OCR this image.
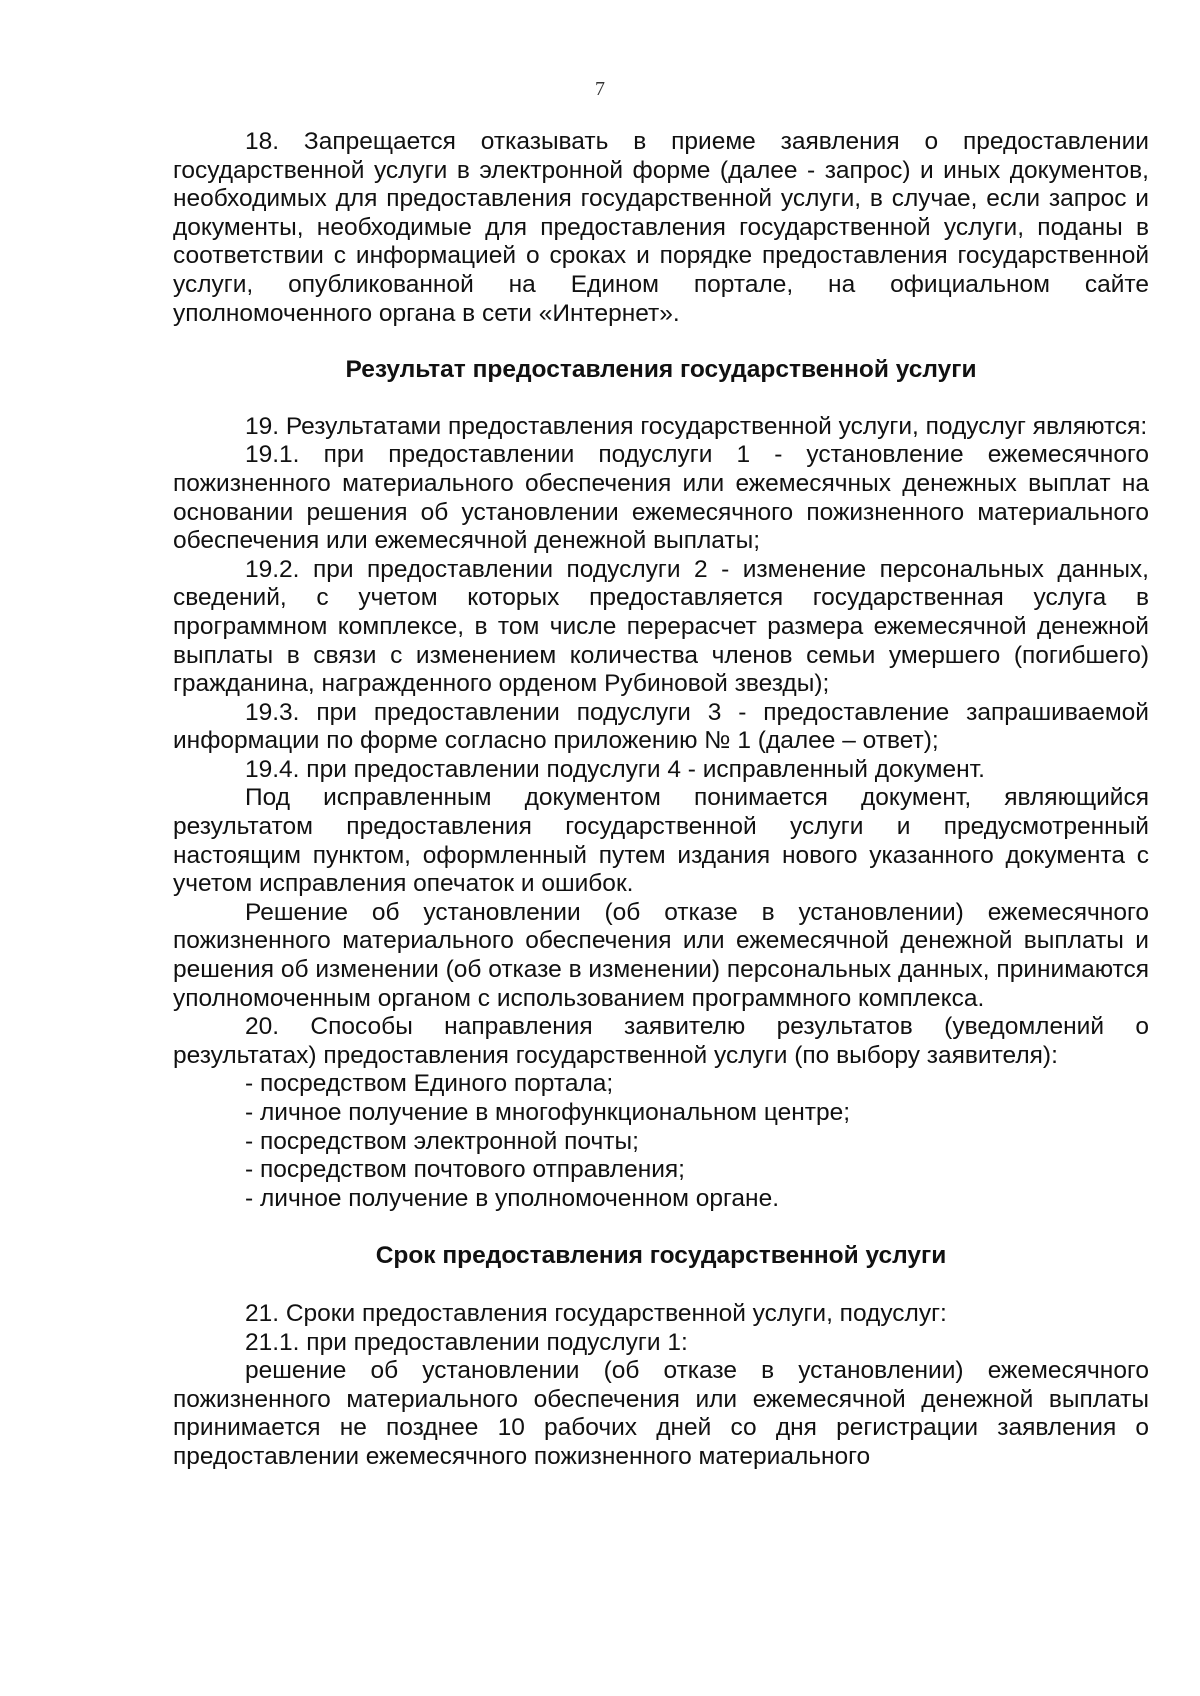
7

18. Запрещается отказывать в приеме заявления о предоставлении государственной услуги в электронной форме (далее - запрос) и иных документов, необходимых для предоставления государственной услуги, в случае, если запрос и документы, необходимые для предоставления государственной услуги, поданы в соответствии с информацией о сроках и порядке предоставления государственной услуги, опубликованной на Едином портале, на официальном сайте уполномоченного органа в сети «Интернет».

Результат предоставления государственной услуги

19. Результатами предоставления государственной услуги, подуслуг являются:

19.1. при предоставлении подуслуги 1 - установление ежемесячного пожизненного материального обеспечения или ежемесячных денежных выплат на основании решения об установлении ежемесячного пожизненного материального обеспечения или ежемесячной денежной выплаты;

19.2. при предоставлении подуслуги 2 - изменение персональных данных, сведений, с учетом которых предоставляется государственная услуга в программном комплексе, в том числе перерасчет размера ежемесячной денежной выплаты в связи с изменением количества членов семьи умершего (погибшего) гражданина, награжденного орденом Рубиновой звезды);

19.3. при предоставлении подуслуги 3 - предоставление запрашиваемой информации по форме согласно приложению № 1 (далее – ответ);

19.4. при предоставлении подуслуги 4 - исправленный документ.

Под исправленным документом понимается документ, являющийся результатом предоставления государственной услуги и предусмотренный настоящим пунктом, оформленный путем издания нового указанного документа с учетом исправления опечаток и ошибок.

Решение об установлении (об отказе в установлении) ежемесячного пожизненного материального обеспечения или ежемесячной денежной выплаты и решения об изменении (об отказе в изменении) персональных данных, принимаются уполномоченным органом с использованием программного комплекса.

20. Способы направления заявителю результатов (уведомлений о результатах) предоставления государственной услуги (по выбору заявителя):

- посредством Единого портала;

- личное получение в многофункциональном центре;

- посредством электронной почты;

- посредством почтового отправления;

- личное получение в уполномоченном органе.

Срок предоставления государственной услуги

21. Сроки предоставления государственной услуги, подуслуг:

21.1. при предоставлении подуслуги 1:

решение об установлении (об отказе в установлении) ежемесячного пожизненного материального обеспечения или ежемесячной денежной выплаты принимается не позднее 10 рабочих дней со дня регистрации заявления о предоставлении ежемесячного пожизненного материального
